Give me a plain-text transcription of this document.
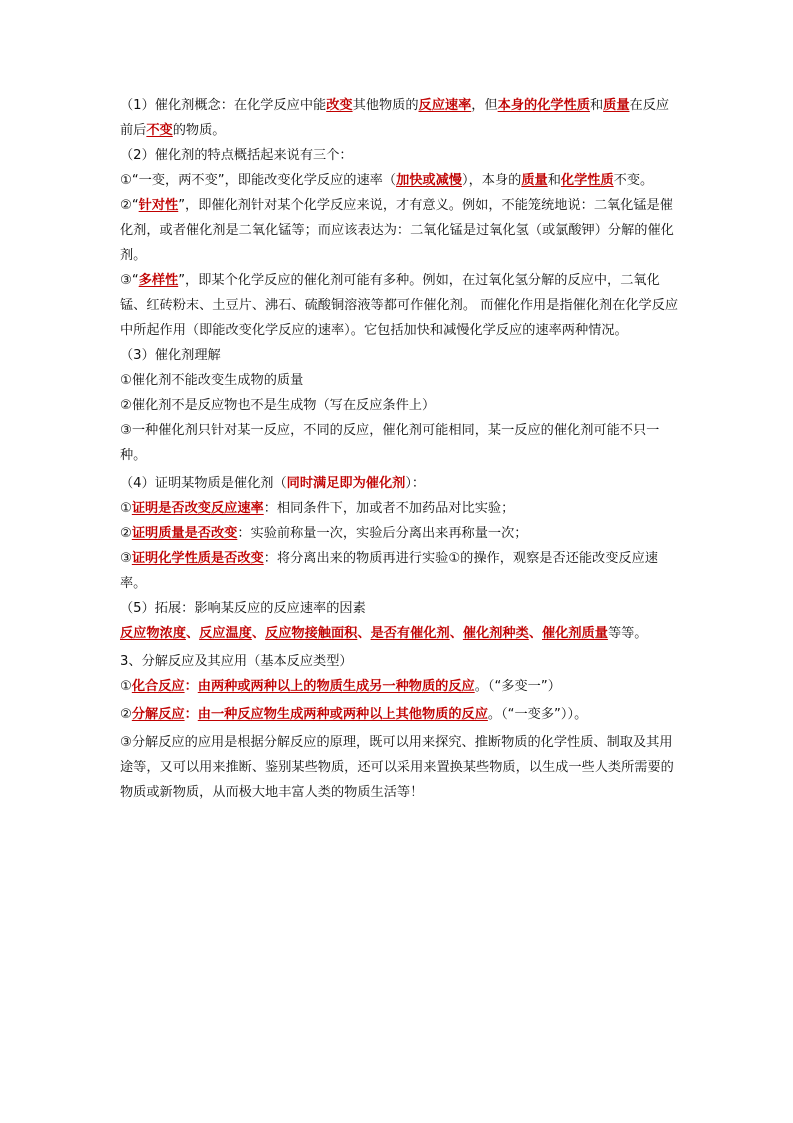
（1）催化剂概念：在化学反应中能改变其他物质的反应速率，但本身的化学性质和质量在反应前后不变的物质。

（2）催化剂的特点概括起来说有三个：

①“一变，两不变”，即能改变化学反应的速率（加快或减慢），本身的质量和化学性质不变。

②“针对性”，即催化剂针对某个化学反应来说，才有意义。例如，不能笼统地说：二氧化锰是催化剂，或者催化剂是二氧化锰等；而应该表达为：二氧化锰是过氧化氢（或氯酸钾）分解的催化剂。

③“多样性”，即某个化学反应的催化剂可能有多种。例如，在过氧化氢分解的反应中，二氧化锰、红砖粉末、土豆片、沸石、硫酸铜溶液等都可作催化剂。 而催化作用是指催化剂在化学反应中所起作用（即能改变化学反应的速率）。它包括加快和减慢化学反应的速率两种情况。

（3）催化剂理解

①催化剂不能改变生成物的质量

②催化剂不是反应物也不是生成物（写在反应条件上）

③一种催化剂只针对某一反应，不同的反应，催化剂可能相同，某一反应的催化剂可能不只一种。

（4）证明某物质是催化剂（同时满足即为催化剂）：

①证明是否改变反应速率：相同条件下，加或者不加药品对比实验；

②证明质量是否改变：实验前称量一次，实验后分离出来再称量一次；

③证明化学性质是否改变：将分离出来的物质再进行实验①的操作，观察是否还能改变反应速率。

（5）拓展：影响某反应的反应速率的因素

反应物浓度、反应温度、反应物接触面积、是否有催化剂、催化剂种类、催化剂质量等等。

3、分解反应及其应用（基本反应类型）

①化合反应：由两种或两种以上的物质生成另一种物质的反应。（“多变一”）

②分解反应：由一种反应物生成两种或两种以上其他物质的反应。（“一变多”））。

③分解反应的应用是根据分解反应的原理，既可以用来探究、推断物质的化学性质、制取及其用途等，又可以用来推断、鉴别某些物质，还可以采用来置换某些物质，以生成一些人类所需要的物质或新物质，从而极大地丰富人类的物质生活等！
